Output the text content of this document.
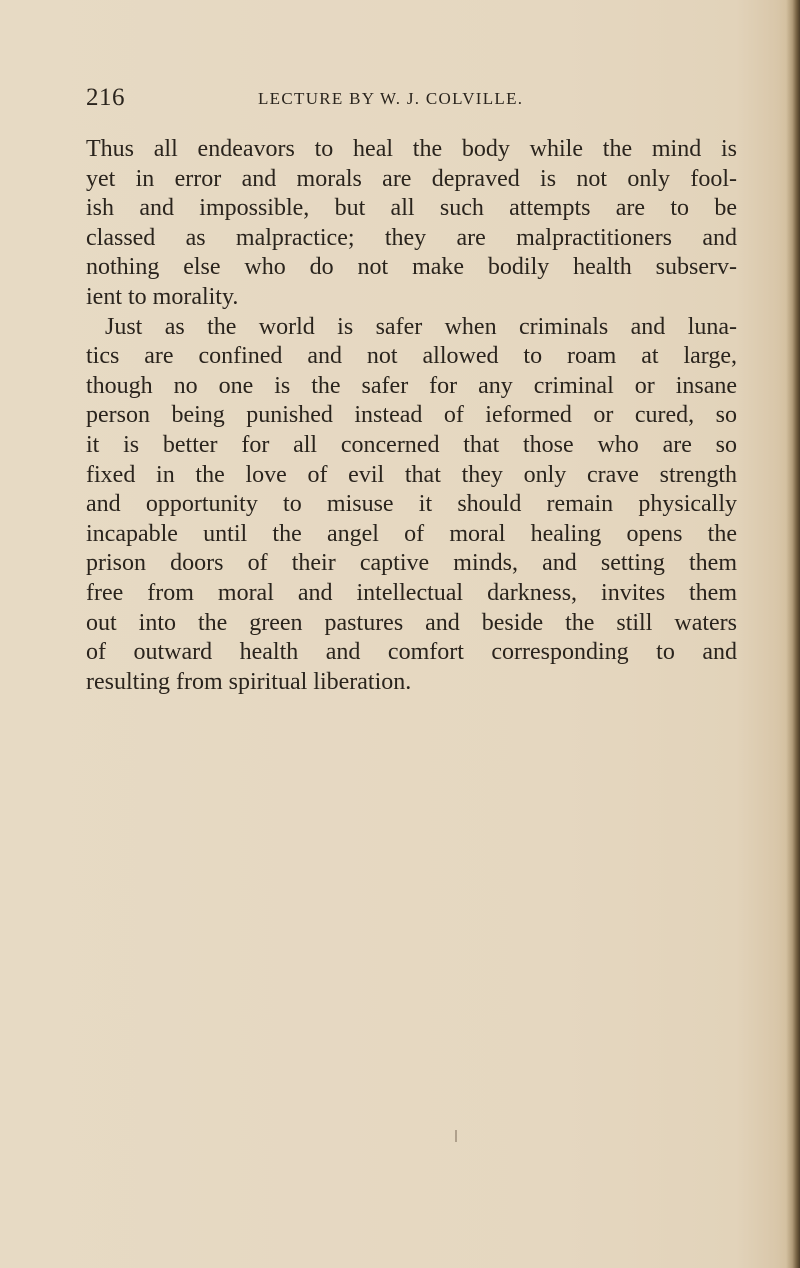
216	LECTURE BY W. J. COLVILLE.
Thus all endeavors to heal the body while the mind is
yet in error and morals are depraved is not only fool-
ish and impossible, but all such attempts are to be
classed as malpractice; they are malpractitioners and
nothing else who do not make bodily health subserv-
ient to morality.
Just as the world is safer when criminals and luna-
tics are confined and not allowed to roam at large,
though no one is the safer for any criminal or insane
person being punished instead of ieformed or cured, so
it is better for all concerned that those who are so
fixed in the love of evil that they only crave strength
and opportunity to misuse it should remain physically
incapable until the angel of moral healing opens the
prison doors of their captive minds, and setting them
free from moral and intellectual darkness, invites them
out into the green pastures and beside the still waters
of outward health and comfort corresponding to and
resulting from spiritual liberation.
